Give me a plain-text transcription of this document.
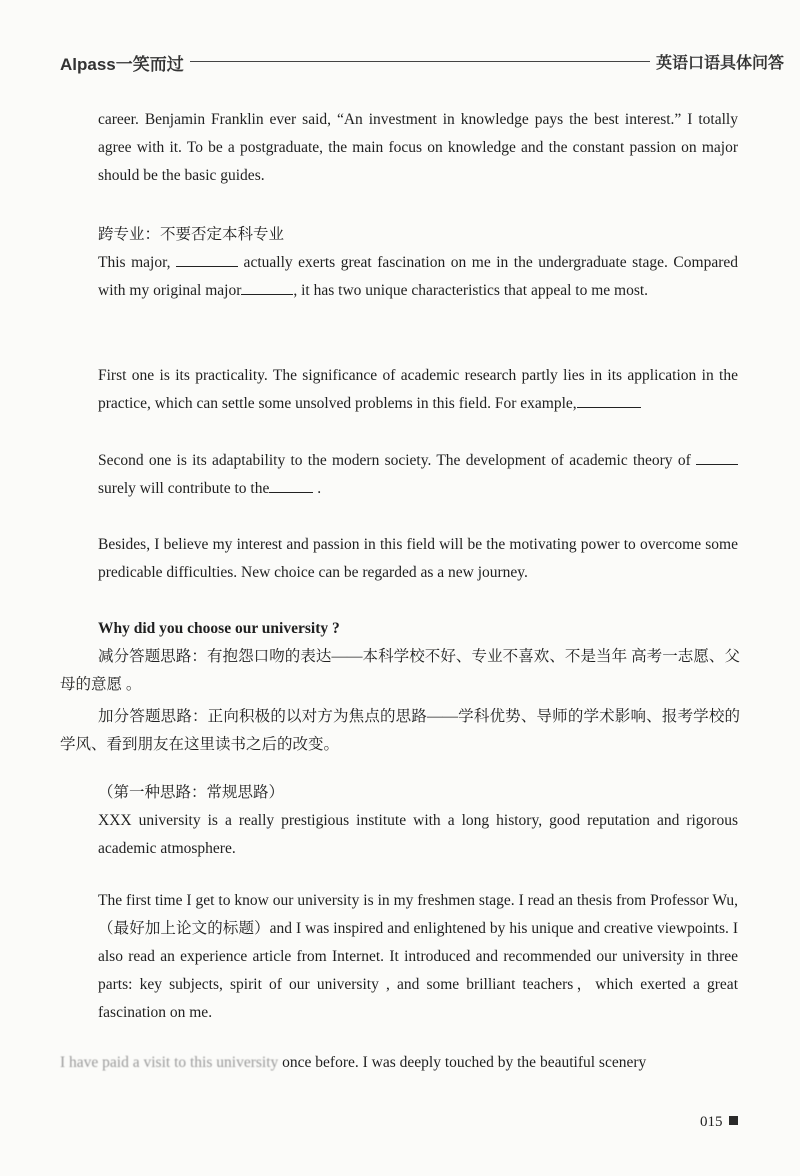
Alpass一笑而过	英语口语具体问答

career. Benjamin Franklin ever said, “An investment in knowledge pays the best interest.” I totally agree with it. To be a postgraduate, the main focus on knowledge and the constant passion on major should be the basic guides.

跨专业：不要否定本科专业

This major,	actually exerts great fascination on me in the undergraduate stage. Compared with my original major	, it has two unique characteristics that appeal to me most.

First one is its practicality. The significance of academic research partly lies in its application in the practice, which can settle some unsolved problems in this field. For example,

Second one is its adaptability to the modern society. The development of academic theory of  surely will contribute to the	.

Besides, I believe my interest and passion in this field will be the motivating power to overcome some predicable difficulties. New choice can be regarded as a new journey.

Why did you choose our university ?

减分答题思路：有抱怨口吻的表达——本科学校不好、专业不喜欢、不是当年 高考一志愿、父母的意愿 。

加分答题思路：正向积极的以对方为焦点的思路——学科优势、导师的学术影响、报考学校的学风、看到朋友在这里读书之后的改变。

（第一种思路：常规思路）

XXX university is a really prestigious institute with a long history, good reputation and rigorous academic atmosphere.

The first time I get to know our university is in my freshmen stage. I read an thesis from Professor Wu,（最好加上论文的标题）and I was inspired and enlightened by his unique and creative viewpoints. I also read an experience article from Internet. It introduced and recommended our university in three parts: key subjects, spirit of our university , and some brilliant teachers，which exerted a great fascination on me.

I have paid a visit to this university once before. I was deeply touched by the beautiful scenery

015
